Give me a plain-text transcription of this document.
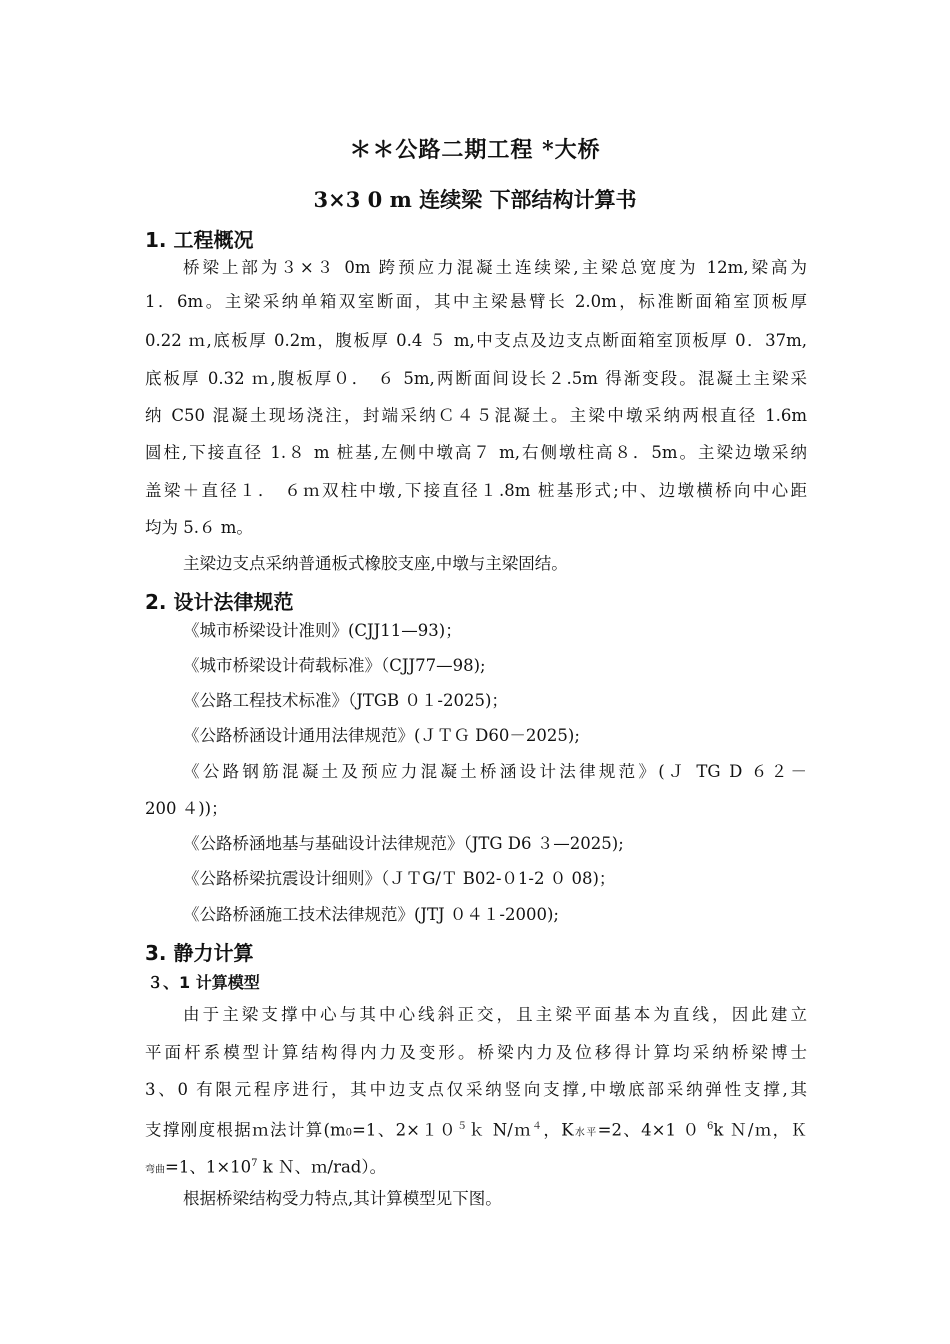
＊＊公路二期工程 *大桥
3×3 0 m 连续梁 下部结构计算书
1. 工程概况
桥梁上部为３×３ 0m 跨预应力混凝土连续梁,主梁总宽度为 12m,梁高为
1．6m。主梁采纳单箱双室断面，其中主梁悬臂长 2.0m，标准断面箱室顶板厚
0.22 ｍ,底板厚 0.2m，腹板厚 0.4 ５ m,中支点及边支点断面箱室顶板厚 0．37m,
底板厚 0.32 ｍ,腹板厚０． ６ 5m,两断面间设长２.5m 得渐变段。混凝土主梁采
纳 C50 混凝土现场浇注，封端采纳Ｃ４５混凝土。主梁中墩采纳两根直径 1.6m
圆柱,下接直径 1.８ m 桩基,左侧中墩高７ m,右侧墩柱高８．5m。主梁边墩采纳
盖梁＋直径１． ６ｍ双柱中墩,下接直径１.8m 桩基形式;中、边墩横桥向中心距
均为 5.６ m。
主梁边支点采纳普通板式橡胶支座,中墩与主梁固结。
2. 设计法律规范
《城市桥梁设计准则》(CJJ11—93)；
《城市桥梁设计荷载标准》（CJJ77—98);
《公路工程技术标准》（JTGB ０１-2025)；
《公路桥涵设计通用法律规范》(ＪＴＧ D60－2025);
《公路钢筋混凝土及预应力混凝土桥涵设计法律规范》(Ｊ TG D ６２－
200 ４))；
《公路桥涵地基与基础设计法律规范》（JTG D6 ３—2025);
《公路桥梁抗震设计细则》（ＪＴG/Ｔ B02-０1-2 ０ 08)；
《公路桥涵施工技术法律规范》(JTJ ０４１-2000);
3. 静力计算
３、1 计算模型
由于主梁支撑中心与其中心线斜正交，且主梁平面基本为直线，因此建立
平面杆系模型计算结构得内力及变形。桥梁内力及位移得计算均采纳桥梁博士
3、0 有限元程序进行，其中边支点仅采纳竖向支撑,中墩底部采纳弹性支撑,其
支撑刚度根据ｍ法计算(m0=1、$2\times 10^5k$ N/ｍ$^4$，K水平=2、4×1 ０ $^6$k Ｎ/ｍ，Ｋ
弯曲=1、$1\times 10^7$ k Ｎ、ｍ/rad）。
根据桥梁结构受力特点,其计算模型见下图。
